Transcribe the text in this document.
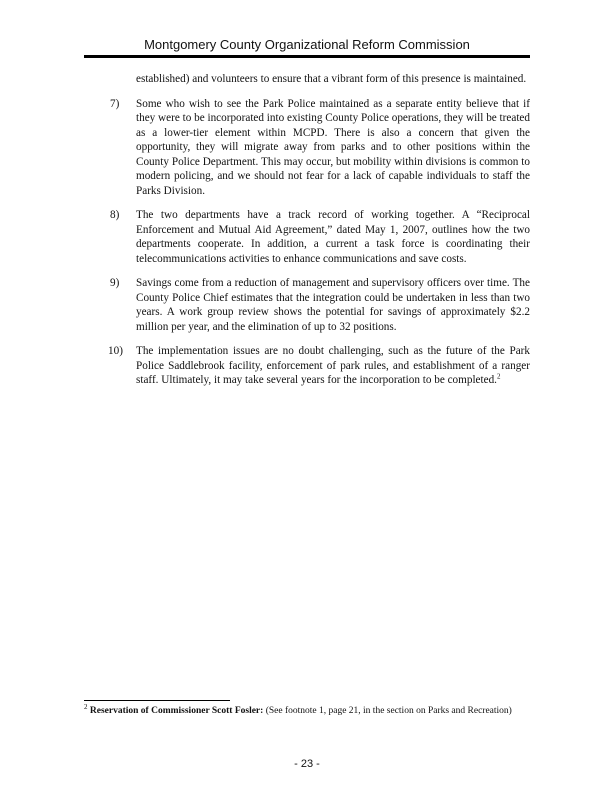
Montgomery County Organizational Reform Commission

established) and volunteers to ensure that a vibrant form of this presence is maintained.

7) Some who wish to see the Park Police maintained as a separate entity believe that if they were to be incorporated into existing County Police operations, they will be treated as a lower-tier element within MCPD. There is also a concern that given the opportunity, they will migrate away from parks and to other positions within the County Police Department. This may occur, but mobility within divisions is common to modern policing, and we should not fear for a lack of capable individuals to staff the Parks Division.
8) The two departments have a track record of working together. A “Reciprocal Enforcement and Mutual Aid Agreement,” dated May 1, 2007, outlines how the two departments cooperate. In addition, a current a task force is coordinating their telecommunications activities to enhance communications and save costs.
9) Savings come from a reduction of management and supervisory officers over time. The County Police Chief estimates that the integration could be undertaken in less than two years. A work group review shows the potential for savings of approximately $2.2 million per year, and the elimination of up to 32 positions.
10) The implementation issues are no doubt challenging, such as the future of the Park Police Saddlebrook facility, enforcement of park rules, and establishment of a ranger staff. Ultimately, it may take several years for the incorporation to be completed.$^2$
$^2$ Reservation of Commissioner Scott Fosler: (See footnote 1, page 21, in the section on Parks and Recreation)
- 23 -
